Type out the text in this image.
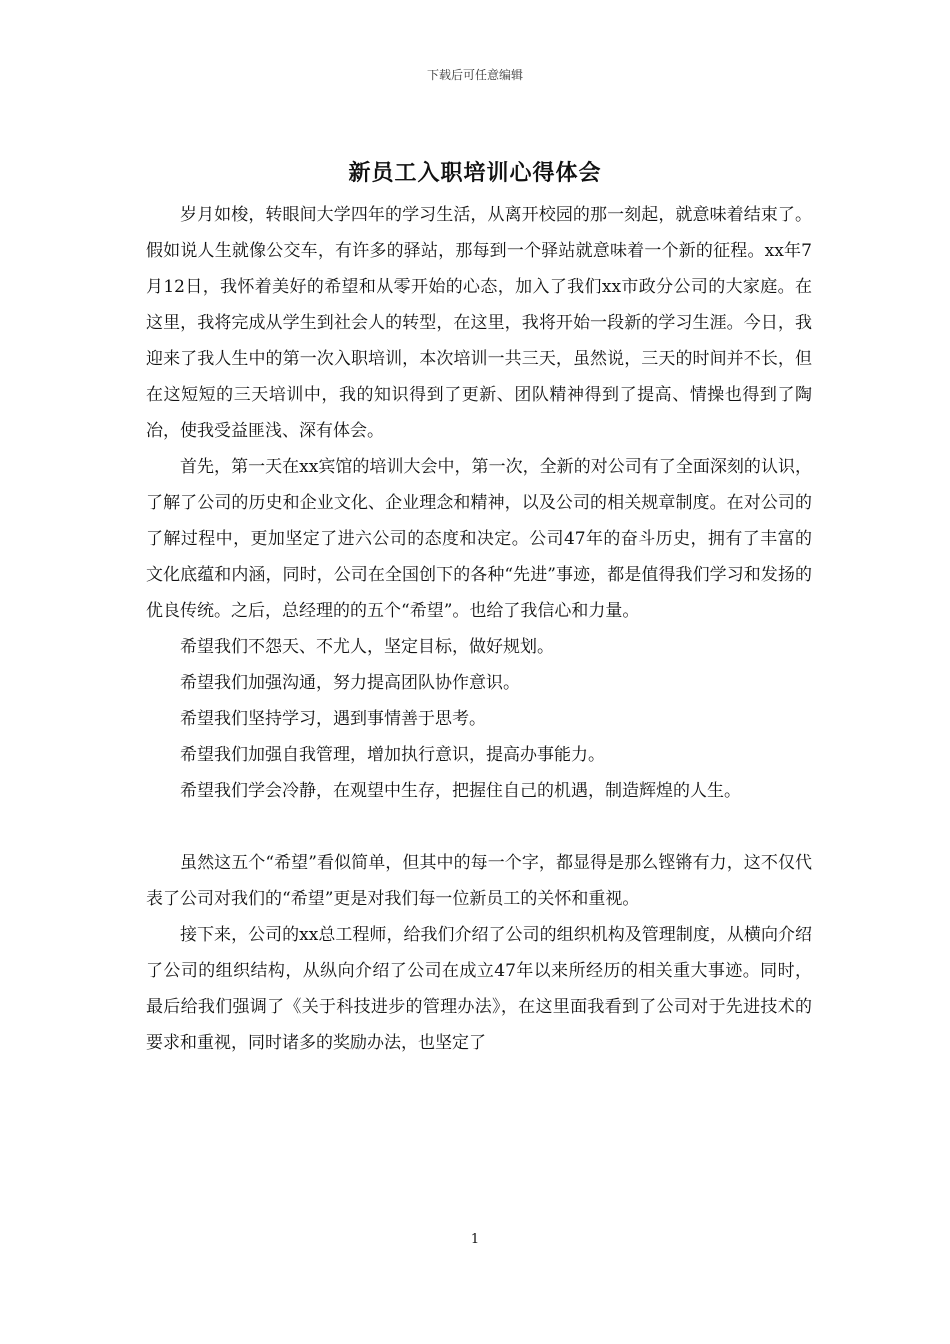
下载后可任意编辑
新员工入职培训心得体会

岁月如梭，转眼间大学四年的学习生活，从离开校园的那一刻起，就意味着结束了。假如说人生就像公交车，有许多的驿站，那每到一个驿站就意味着一个新的征程。xx年7月12日，我怀着美好的希望和从零开始的心态，加入了我们xx市政分公司的大家庭。在这里，我将完成从学生到社会人的转型，在这里，我将开始一段新的学习生涯。今日，我迎来了我人生中的第一次入职培训，本次培训一共三天，虽然说，三天的时间并不长，但在这短短的三天培训中，我的知识得到了更新、团队精神得到了提高、情操也得到了陶冶，使我受益匪浅、深有体会。

首先，第一天在xx宾馆的培训大会中，第一次，全新的对公司有了全面深刻的认识，了解了公司的历史和企业文化、企业理念和精神，以及公司的相关规章制度。在对公司的了解过程中，更加坚定了进六公司的态度和决定。公司47年的奋斗历史，拥有了丰富的文化底蕴和内涵，同时，公司在全国创下的各种“先进”事迹，都是值得我们学习和发扬的优良传统。之后，总经理的的五个“希望”。也给了我信心和力量。

希望我们不怨天、不尤人，坚定目标，做好规划。

希望我们加强沟通，努力提高团队协作意识。

希望我们坚持学习，遇到事情善于思考。

希望我们加强自我管理，增加执行意识，提高办事能力。

希望我们学会冷静，在观望中生存，把握住自己的机遇，制造辉煌的人生。

虽然这五个“希望”看似简单，但其中的每一个字，都显得是那么铿锵有力，这不仅代表了公司对我们的“希望”更是对我们每一位新员工的关怀和重视。

接下来，公司的xx总工程师，给我们介绍了公司的组织机构及管理制度，从横向介绍了公司的组织结构，从纵向介绍了公司在成立47年以来所经历的相关重大事迹。同时，最后给我们强调了《关于科技进步的管理办法》，在这里面我看到了公司对于先进技术的要求和重视，同时诸多的奖励办法，也坚定了

1
